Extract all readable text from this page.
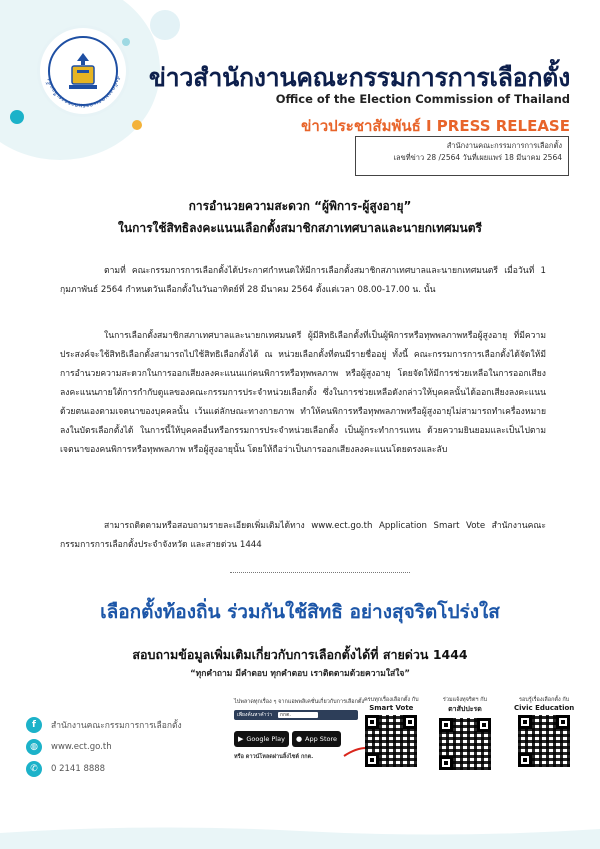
สำนักงานคณะกรรมการการเลือกตั้ง	ข่าวสำนักงานคณะกรรมการการเลือกตั้ง
Office of the Election Commission of Thailand
ข่าวประชาสัมพันธ์ I PRESS RELEASE
สำนักงานคณะกรรมการการเลือกตั้ง
เลขที่ข่าว 28 /2564 วันที่เผยแพร่ 18 มีนาคม 2564
การอำนวยความสะดวก “ผู้พิการ-ผู้สูงอายุ”
ในการใช้สิทธิลงคะแนนเลือกตั้งสมาชิกสภาเทศบาลและนายกเทศมนตรี

ตามที่ คณะกรรมการการเลือกตั้งได้ประกาศกำหนดให้มีการเลือกตั้งสมาชิกสภาเทศบาลและนายกเทศมนตรี เมื่อวันที่ 1 กุมภาพันธ์ 2564 กำหนดวันเลือกตั้งในวันอาทิตย์ที่ 28 มีนาคม 2564 ตั้งแต่เวลา 08.00-17.00 น. นั้น

ในการเลือกตั้งสมาชิกสภาเทศบาลและนายกเทศมนตรี ผู้มีสิทธิเลือกตั้งที่เป็นผู้พิการหรือทุพพลภาพหรือผู้สูงอายุ ที่มีความประสงค์จะใช้สิทธิเลือกตั้งสามารถไปใช้สิทธิเลือกตั้งได้ ณ หน่วยเลือกตั้งที่ตนมีรายชื่ออยู่ ทั้งนี้ คณะกรรมการการเลือกตั้งได้จัดให้มีการอำนวยความสะดวกในการออกเสียงลงคะแนนแก่คนพิการหรือทุพพลภาพ หรือผู้สูงอายุ โดยจัดให้มีการช่วยเหลือในการออกเสียงลงคะแนนภายใต้การกำกับดูแลของคณะกรรมการประจำหน่วยเลือกตั้ง ซึ่งในการช่วยเหลือดังกล่าวให้บุคคลนั้นได้ออกเสียงลงคะแนนด้วยตนเองตามเจตนาของบุคคลนั้น เว้นแต่ลักษณะทางกายภาพ ทำให้คนพิการหรือทุพพลภาพหรือผู้สูงอายุไม่สามารถทำเครื่องหมายลงในบัตรเลือกตั้งได้ ในการนี้ให้บุคคลอื่นหรือกรรมการประจำหน่วยเลือกตั้ง เป็นผู้กระทำการแทน ด้วยความยินยอมและเป็นไปตามเจตนาของคนพิการหรือทุพพลภาพ หรือผู้สูงอายุนั้น โดยให้ถือว่าเป็นการออกเสียงลงคะแนนโดยตรงและลับ

สามารถติดตามหรือสอบถามรายละเอียดเพิ่มเติมได้ทาง www.ect.go.th Application Smart Vote สำนักงานคณะกรรมการการเลือกตั้งประจำจังหวัด และสายด่วน 1444

เลือกตั้งท้องถิ่น ร่วมกันใช้สิทธิ อย่างสุจริตโปร่งใส
สอบถามข้อมูลเพิ่มเติมเกี่ยวกับการเลือกตั้งได้ที่ สายด่วน 1444
“ทุกคำถาม มีคำตอบ ทุกคำตอบ เราติดตามด้วยความใส่ใจ”
f	สำนักงานคณะกรรมการการเลือกตั้ง
◍	www.ect.go.th
✆	0 2141 8888
ไปพลาดทุกเรื่อง ๆ จากแอพพลิเคชั่นเกี่ยวกับการเลือกตั้ง
เพียงค้นหาคำว่า	กกต.
▶ Google Play ● App Store
หรือ ดาวน์โหลดผ่านลิ้งไซต์ กกต.
ครบทุกเรื่องเลือกตั้ง กับ
Smart Vote
ร่วมแจ้งทุจริตฯ กับ
ตาสัปปะรด
รอบรู้เรื่องเลือกตั้ง กับ
Civic Education
